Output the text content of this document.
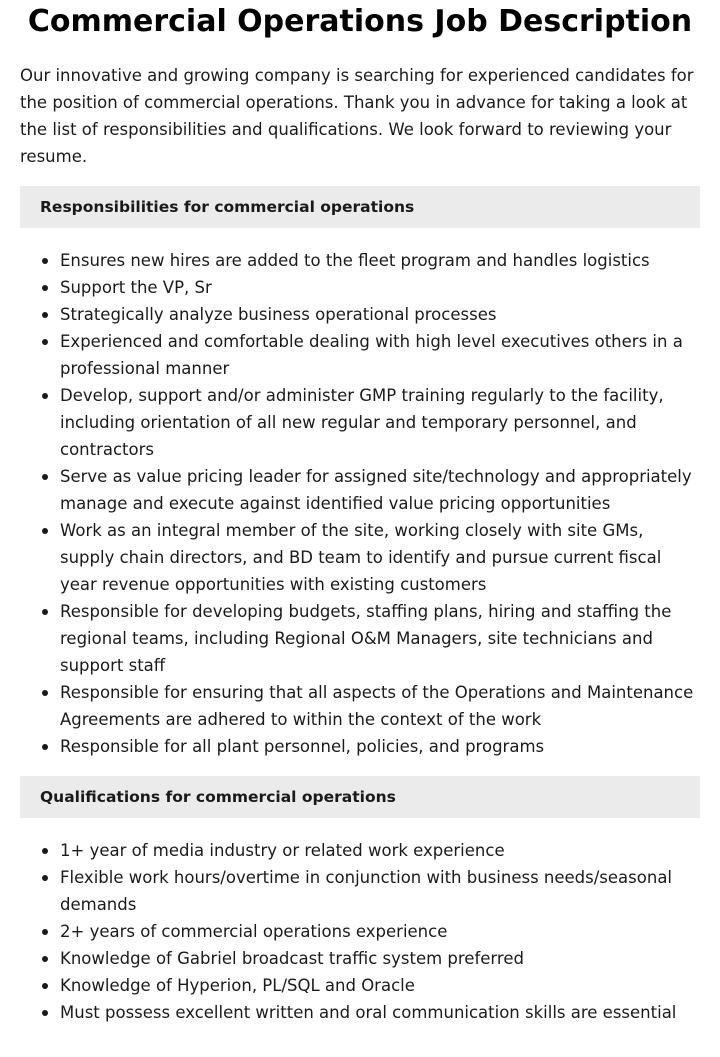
Commercial Operations Job Description

Our innovative and growing company is searching for experienced candidates for the position of commercial operations. Thank you in advance for taking a look at the list of responsibilities and qualifications. We look forward to reviewing your resume.

Responsibilities for commercial operations
Ensures new hires are added to the fleet program and handles logistics
Support the VP, Sr
Strategically analyze business operational processes
Experienced and comfortable dealing with high level executives others in a professional manner
Develop, support and/or administer GMP training regularly to the facility, including orientation of all new regular and temporary personnel, and contractors
Serve as value pricing leader for assigned site/technology and appropriately manage and execute against identified value pricing opportunities
Work as an integral member of the site, working closely with site GMs, supply chain directors, and BD team to identify and pursue current fiscal year revenue opportunities with existing customers
Responsible for developing budgets, staffing plans, hiring and staffing the regional teams, including Regional O&M Managers, site technicians and support staff
Responsible for ensuring that all aspects of the Operations and Maintenance Agreements are adhered to within the context of the work
Responsible for all plant personnel, policies, and programs
Qualifications for commercial operations
1+ year of media industry or related work experience
Flexible work hours/overtime in conjunction with business needs/seasonal demands
2+ years of commercial operations experience
Knowledge of Gabriel broadcast traffic system preferred
Knowledge of Hyperion, PL/SQL and Oracle
Must possess excellent written and oral communication skills are essential
